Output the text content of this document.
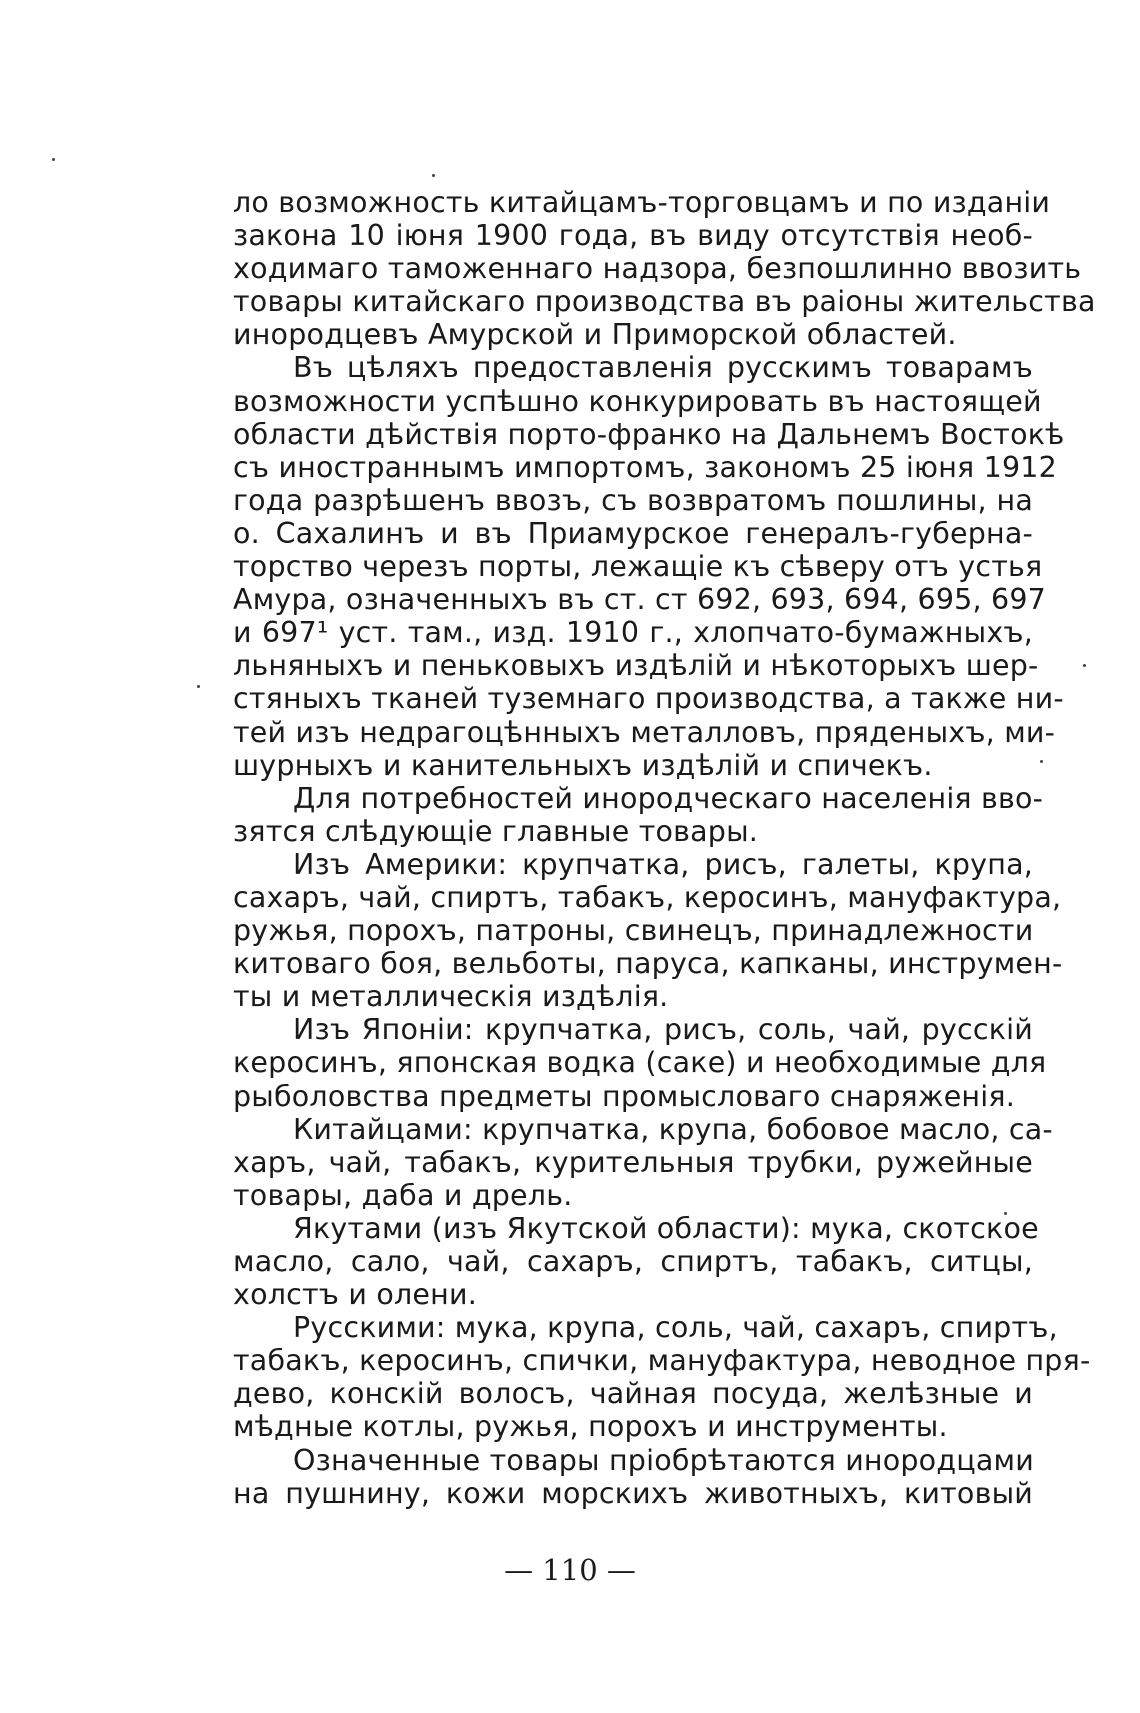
ло возможность китайцамъ-торговцамъ и по изданіи
закона 10 іюня 1900 года, въ виду отсутствія необ-
ходимаго таможеннаго надзора, безпошлинно ввозить
товары китайскаго производства въ раіоны жительства
инородцевъ Амурской и Приморской областей.
Въ цѣляхъ предоставленія русскимъ товарамъ
возможности успѣшно конкурировать въ настоящей
области дѣйствія порто-франко на Дальнемъ Востокѣ
съ иностраннымъ импортомъ, закономъ 25 іюня 1912
года разрѣшенъ ввозъ, съ возвратомъ пошлины, на
о. Сахалинъ и въ Приамурское генералъ-губерна-
торство черезъ порты, лежащіе къ сѣверу отъ устья
Амура, означенныхъ въ ст. ст 692, 693, 694, 695, 697
и 697¹ уст. там., изд. 1910 г., хлопчато-бумажныхъ,
льняныхъ и пеньковыхъ издѣлій и нѣкоторыхъ шер-
стяныхъ тканей туземнаго производства, а также ни-
тей изъ недрагоцѣнныхъ металловъ, пряденыхъ, ми-
шурныхъ и канительныхъ издѣлій и спичекъ.
Для потребностей инородческаго населенія вво-
зятся слѣдующіе главные товары.
Изъ Америки: крупчатка, рисъ, галеты, крупа,
сахаръ, чай, спиртъ, табакъ, керосинъ, мануфактура,
ружья, порохъ, патроны, свинецъ, принадлежности
китоваго боя, вельботы, паруса, капканы, инструмен-
ты и металлическія издѣлія.
Изъ Японіи: крупчатка, рисъ, соль, чай, русскій
керосинъ, японская водка (саке) и необходимые для
рыболовства предметы промысловаго снаряженія.
Китайцами: крупчатка, крупа, бобовое масло, са-
харъ, чай, табакъ, курительныя трубки, ружейные
товары, даба и дрель.
Якутами (изъ Якутской области): мука, скотское
масло, сало, чай, сахаръ, спиртъ, табакъ, ситцы,
холстъ и олени.
Русскими: мука, крупа, соль, чай, сахаръ, спиртъ,
табакъ, керосинъ, спички, мануфактура, неводное пря-
дево, конскій волосъ, чайная посуда, желѣзные и
мѣдные котлы, ружья, порохъ и инструменты.
Означенные товары пріобрѣтаются инородцами
на пушнину, кожи морскихъ животныхъ, китовый
— 110 —
